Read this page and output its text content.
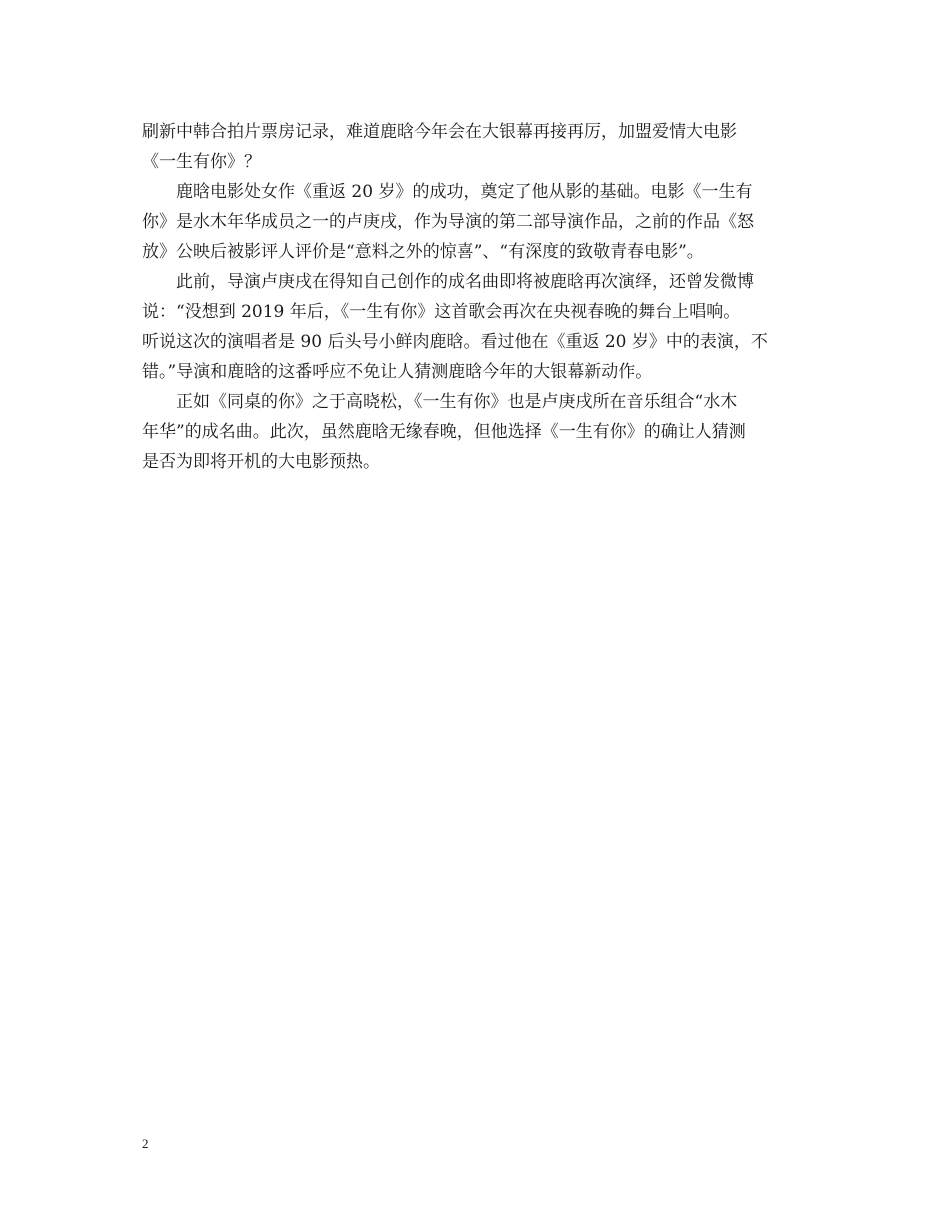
刷新中韩合拍片票房记录，难道鹿晗今年会在大银幕再接再厉，加盟爱情大电影
《一生有你》？

鹿晗电影处女作《重返 20 岁》的成功，奠定了他从影的基础。电影《一生有
你》是水木年华成员之一的卢庚戌，作为导演的第二部导演作品，之前的作品《怒
放》公映后被影评人评价是“意料之外的惊喜”、“有深度的致敬青春电影”。

此前，导演卢庚戌在得知自己创作的成名曲即将被鹿晗再次演绎，还曾发微博
说：“没想到 2019 年后，《一生有你》这首歌会再次在央视春晚的舞台上唱响。
听说这次的演唱者是 90 后头号小鲜肉鹿晗。看过他在《重返 20 岁》中的表演，不
错。”导演和鹿晗的这番呼应不免让人猜测鹿晗今年的大银幕新动作。

正如《同桌的你》之于高晓松，《一生有你》也是卢庚戌所在音乐组合“水木
年华”的成名曲。此次，虽然鹿晗无缘春晚，但他选择《一生有你》的确让人猜测
是否为即将开机的大电影预热。

2
